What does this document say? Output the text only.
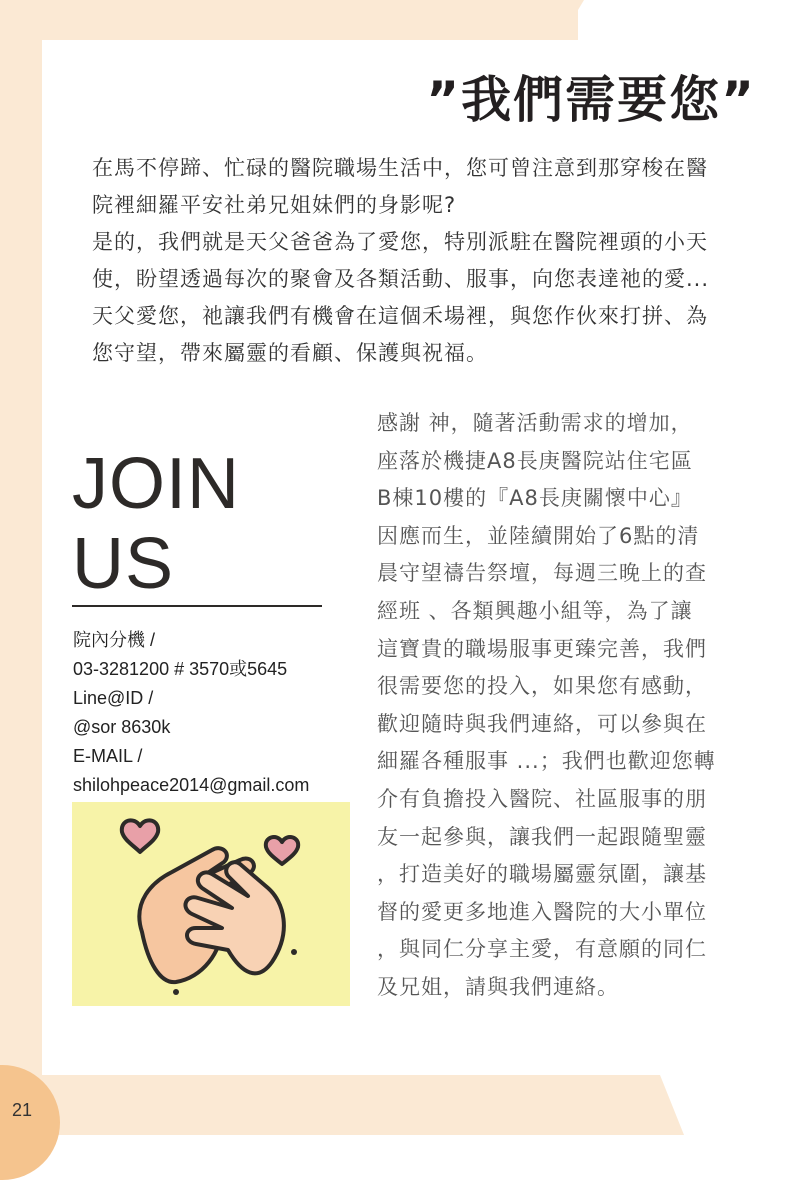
21
”我們需要您”

在馬不停蹄、忙碌的醫院職場生活中，您可曾注意到那穿梭在醫

院裡細羅平安社弟兄姐妹們的身影呢?

是的，我們就是天父爸爸為了愛您，特別派駐在醫院裡頭的小天

使，盼望透過每次的聚會及各類活動、服事，向您表達祂的愛...

天父愛您，祂讓我們有機會在這個禾場裡，與您作伙來打拼、為

您守望，帶來屬靈的看顧、保護與祝福。

JOIN
US
院內分機 /
03-3281200 # 3570或5645
Line@ID /
@sor 8630k
E-MAIL /
shilohpeace2014@gmail.com
感謝 神，隨著活動需求的增加，
座落於機捷A8長庚醫院站住宅區
B棟10樓的『A8長庚關懷中心』
因應而生，並陸續開始了6點的清
晨守望禱告祭壇，每週三晚上的查
經班 、各類興趣小組等，為了讓
這寶貴的職場服事更臻完善，我們
很需要您的投入，如果您有感動，
歡迎隨時與我們連絡，可以參與在
細羅各種服事 ...；我們也歡迎您轉
介有負擔投入醫院、社區服事的朋
友一起參與，讓我們一起跟隨聖靈
，打造美好的職場屬靈氛圍，讓基
督的愛更多地進入醫院的大小單位
，與同仁分享主愛，有意願的同仁
及兄姐，請與我們連絡。
